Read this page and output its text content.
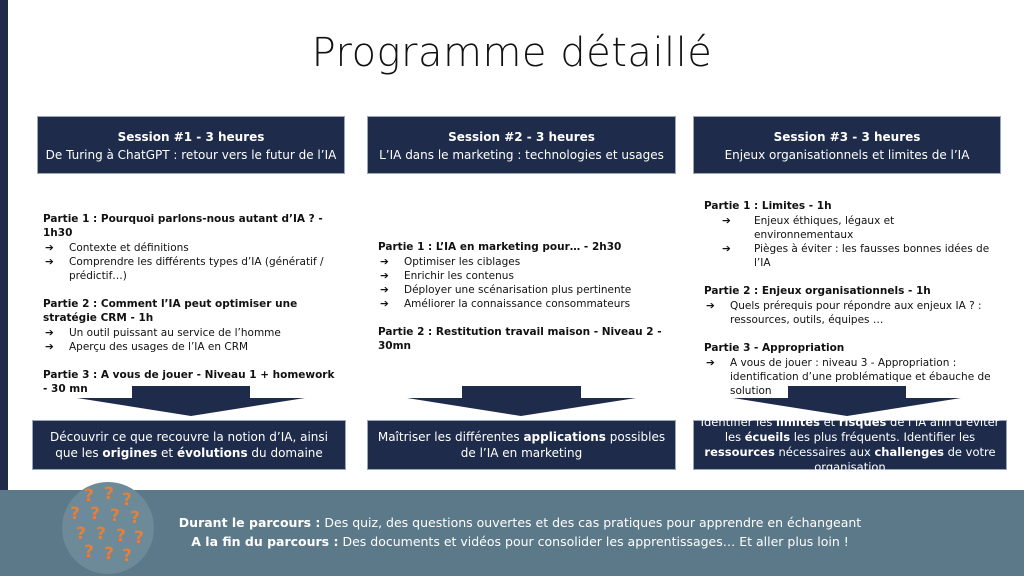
Programme détaillé
Session #1 - 3 heures
De Turing à ChatGPT : retour vers le futur de l’IA
Session #2 - 3 heures
L’IA dans le marketing : technologies et usages
Session #3 - 3 heures
Enjeux organisationnels et limites de l’IA
Partie 1 : Pourquoi parlons-nous autant d’IA ? - 1h30
➔ Contexte et définitions
➔ Comprendre les différents types d’IA (génératif / prédictif…)
Partie 2 : Comment l’IA peut optimiser une stratégie CRM - 1h
➔ Un outil puissant au service de l’homme
➔ Aperçu des usages de l’IA en CRM
Partie 3 : A vous de jouer - Niveau 1 + homework - 30 mn
Partie 1 : L’IA en marketing pour… - 2h30
➔ Optimiser les ciblages
➔ Enrichir les contenus
➔ Déployer une scénarisation plus pertinente
➔ Améliorer la connaissance consommateurs
Partie 2 : Restitution travail maison - Niveau 2 - 30mn
Partie 1 : Limites - 1h
➔ Enjeux éthiques, légaux et environnementaux
➔ Pièges à éviter : les fausses bonnes idées de l’IA
Partie 2 : Enjeux organisationnels - 1h
➔ Quels prérequis pour répondre aux enjeux IA ? : ressources, outils, équipes …
Partie 3 - Appropriation
➔ A vous de jouer : niveau 3 - Appropriation : identification d’une problématique et ébauche de solution
Découvrir ce que recouvre la notion d’IA, ainsi que les origines et évolutions du domaine
Maîtriser les différentes applications possibles de l’IA en marketing
Identifier les limites et risques de l’IA afin d’éviter les écueils les plus fréquents. Identifier les ressources nécessaires aux challenges de votre organisation
? ? ?
? ? ? ?
? ? ? ?
? ? ?
Durant le parcours : Des quiz, des questions ouvertes et des cas pratiques pour apprendre en échangeant
A la fin du parcours : Des documents et vidéos pour consolider les apprentissages… Et aller plus loin !
